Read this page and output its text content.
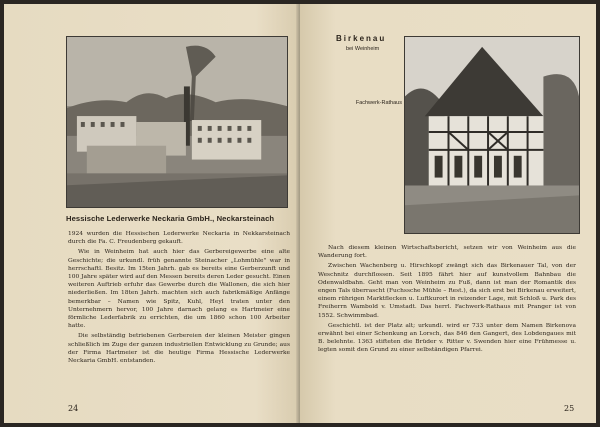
Hessische Lederwerke Neckaria GmbH., Neckarsteinach

1924 wurden die Hessischen Lederwerke Neckaria in Nekkarsteinach durch die Fa. C. Freudenberg gekauft.

Wie in Weinheim hat auch hier das Gerbereigewerbe eine alte Geschichte; die urkundl. früh genannte Steinacher „Lohmühle" war in herrschaftl. Besitz. Im 15ten Jahrh. gab es bereits eine Gerberzunft und 100 Jahre später wird auf den Messen bereits deren Leder gesucht. Einen weiteren Auftrieb erfuhr das Gewerbe durch die Wallonen, die sich hier niederließen. Im 18ten Jahrh. machten sich auch fabrikmäßige Anfänge bemerkbar – Namen wie Spitz, Kuhl, Heyl traten unter den Unternehmern hervor, 100 Jahre darnach gelang es Hartmeier eine förmliche Lederfabrik zu errichten, die um 1860 schon 100 Arbeiter hatte.

Die selbständig betriebenen Gerbereien der kleinen Meister gingen schließlich im Zuge der ganzen industriellen Entwicklung zu Grunde; aus der Firma Hartmeier ist die heutige Firma Hessische Lederwerke Neckaria GmbH. entstanden.

24
Birkenau
bei Weinheim
Fachwerk-Rathaus

Nach diesem kleinen Wirtschaftsbericht, setzen wir von Weinheim aus die Wanderung fort.

Zwischen Wachenberg u. Hirschkopf zwängt sich das Birkenauer Tal, von der Weschnitz durchflossen. Seit 1895 fährt hier auf kunstvollem Bahnbau die Odenwaldbahn. Geht man von Weinheim zu Fuß, dann ist man der Romantik des engen Tals überrascht (Fuchssche Mühle – Rest.), da sich erst bei Birkenau erweitert, einem rührigen Marktflecken u. Luftkurort in reizender Lage, mit Schloß u. Park des Freiherrn Wambold v. Umstadt. Das herrl. Fachwerk-Rathaus mit Pranger ist von 1552. Schwimmbad.

Geschichtl. ist der Platz alt; urkundl. wird er 733 unter dem Namen Birkenova erwähnt bei einer Schenkung an Lorsch, das 846 den Gangert, des Lobdengaues mit B. belehnte. 1363 stifteten die Brüder v. Ritter v. Swenden hier eine Frühmesse u. legten somit den Grund zu einer selbständigen Pfarrei.

25
